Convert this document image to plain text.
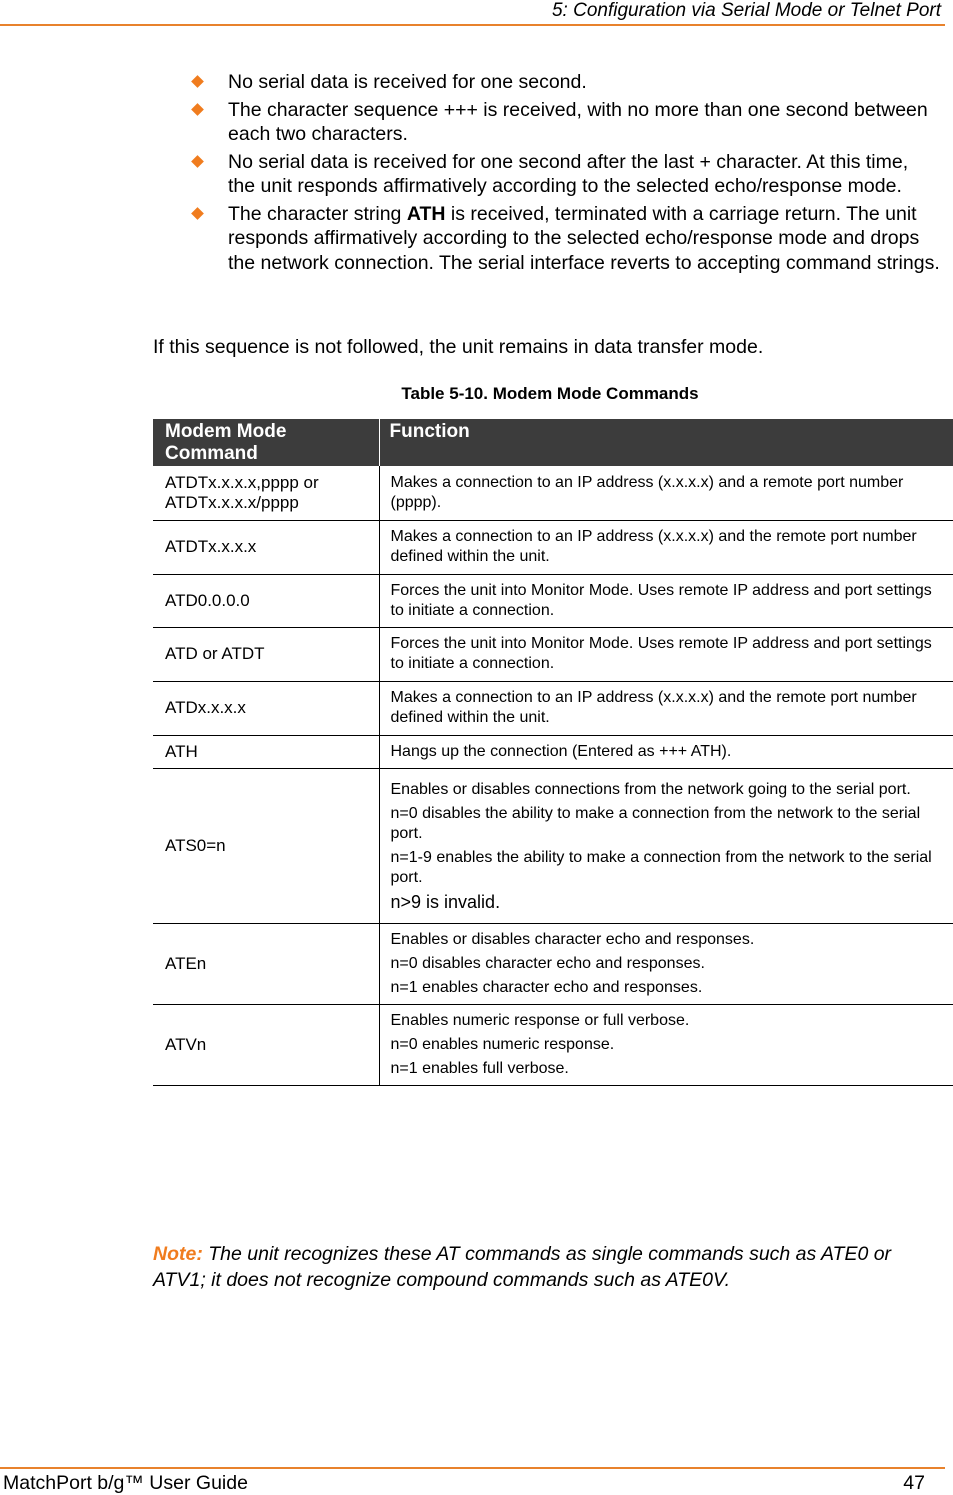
5: Configuration via Serial Mode or Telnet Port
No serial data is received for one second.
The character sequence +++ is received, with no more than one second between each two characters.
No serial data is received for one second after the last + character. At this time, the unit responds affirmatively according to the selected echo/response mode.
The character string ATH is received, terminated with a carriage return. The unit responds affirmatively according to the selected echo/response mode and drops the network connection. The serial interface reverts to accepting command strings.
If this sequence is not followed, the unit remains in data transfer mode.
Table 5-10. Modem Mode Commands
Modem Mode Command	Function
ATDTx.x.x.x,pppp or ATDTx.x.x.x/pppp	Makes a connection to an IP address (x.x.x.x) and a remote port number (pppp).

ATDTx.x.x.x	Makes a connection to an IP address (x.x.x.x) and the remote port number defined within the unit.

ATD0.0.0.0	Forces the unit into Monitor Mode. Uses remote IP address and port settings to initiate a connection.

ATD or ATDT	Forces the unit into Monitor Mode. Uses remote IP address and port settings to initiate a connection.

ATDx.x.x.x	Makes a connection to an IP address (x.x.x.x) and the remote port number defined within the unit.

ATH	Hangs up the connection (Entered as +++ ATH).

ATS0=n	Enables or disables connections from the network going to the serial port.

n=0 disables the ability to make a connection from the network to the serial port.

n=1-9 enables the ability to make a connection from the network to the serial port.

n>9 is invalid.

ATEn	Enables or disables character echo and responses.

n=0 disables character echo and responses.

n=1 enables character echo and responses.

ATVn	Enables numeric response or full verbose.

n=0 enables numeric response.

n=1 enables full verbose.

Note: The unit recognizes these AT commands as single commands such as ATE0 or ATV1; it does not recognize compound commands such as ATE0V.
MatchPort b/g™ User Guide	47
